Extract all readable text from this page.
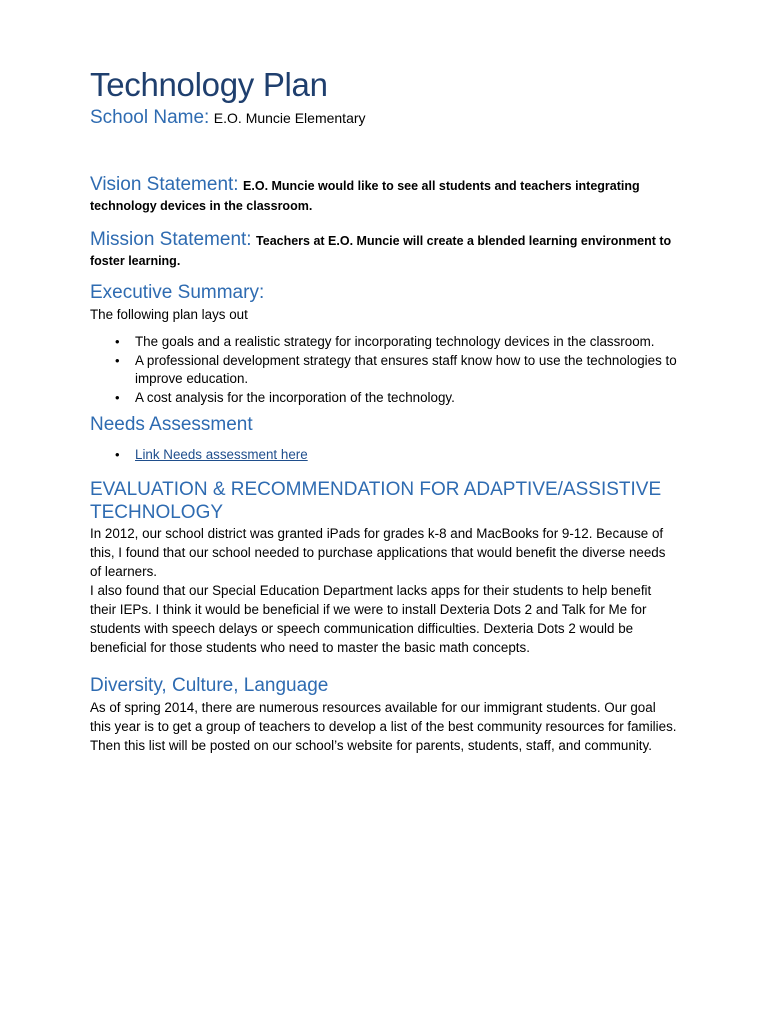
Technology Plan
School Name: E.O. Muncie Elementary
Vision Statement: E.O. Muncie would like to see all students and teachers integrating technology devices in the classroom.
Mission Statement: Teachers at E.O. Muncie will create a blended learning environment to foster learning.
Executive Summary:

The following plan lays out

• The goals and a realistic strategy for incorporating technology devices in the classroom.
• A professional development strategy that ensures staff know how to use the technologies to improve education.
• A cost analysis for the incorporation of the technology.
Needs Assessment
• Link Needs assessment here
EVALUATION & RECOMMENDATION FOR ADAPTIVE/ASSISTIVE TECHNOLOGY

In 2012, our school district was granted iPads for grades k-8 and MacBooks for 9-12. Because of this, I found that our school needed to purchase applications that would benefit the diverse needs of learners.

I also found that our Special Education Department lacks apps for their students to help benefit their IEPs. I think it would be beneficial if we were to install Dexteria Dots 2 and Talk for Me for students with speech delays or speech communication difficulties. Dexteria Dots 2 would be beneficial for those students who need to master the basic math concepts.

Diversity, Culture, Language

As of spring 2014, there are numerous resources available for our immigrant students. Our goal this year is to get a group of teachers to develop a list of the best community resources for families. Then this list will be posted on our school’s website for parents, students, staff, and community.
